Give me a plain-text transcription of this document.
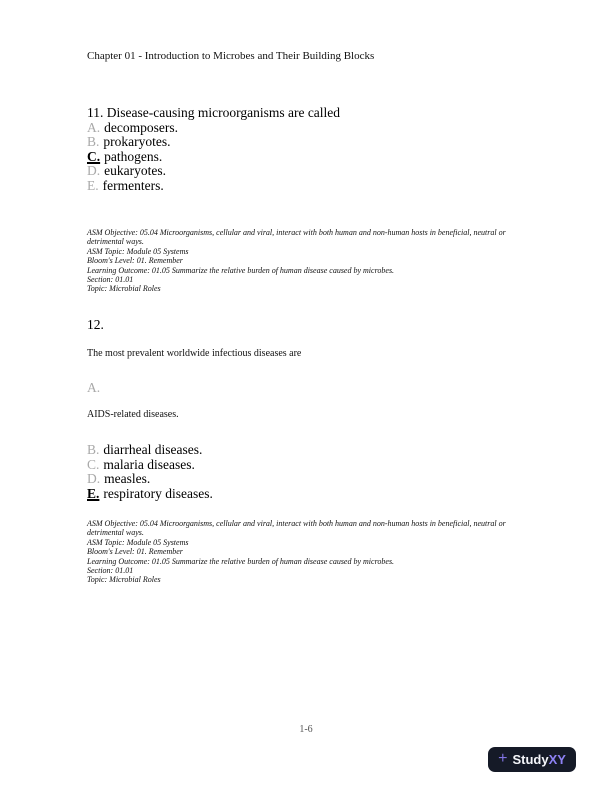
Chapter 01 - Introduction to Microbes and Their Building Blocks
11. Disease-causing microorganisms are called
A. decomposers.
B. prokaryotes.
C. pathogens.
D. eukaryotes.
E. fermenters.
ASM Objective: 05.04 Microorganisms, cellular and viral, interact with both human and non-human hosts in beneficial, neutral or detrimental ways.
ASM Topic: Module 05 Systems
Bloom's Level: 01. Remember
Learning Outcome: 01.05 Summarize the relative burden of human disease caused by microbes.
Section: 01.01
Topic: Microbial Roles
12.
The most prevalent worldwide infectious diseases are
A.
AIDS-related diseases.
B. diarrheal diseases.
C. malaria diseases.
D. measles.
E. respiratory diseases.
ASM Objective: 05.04 Microorganisms, cellular and viral, interact with both human and non-human hosts in beneficial, neutral or detrimental ways.
ASM Topic: Module 05 Systems
Bloom's Level: 01. Remember
Learning Outcome: 01.05 Summarize the relative burden of human disease caused by microbes.
Section: 01.01
Topic: Microbial Roles
1-6
+ StudyXY
